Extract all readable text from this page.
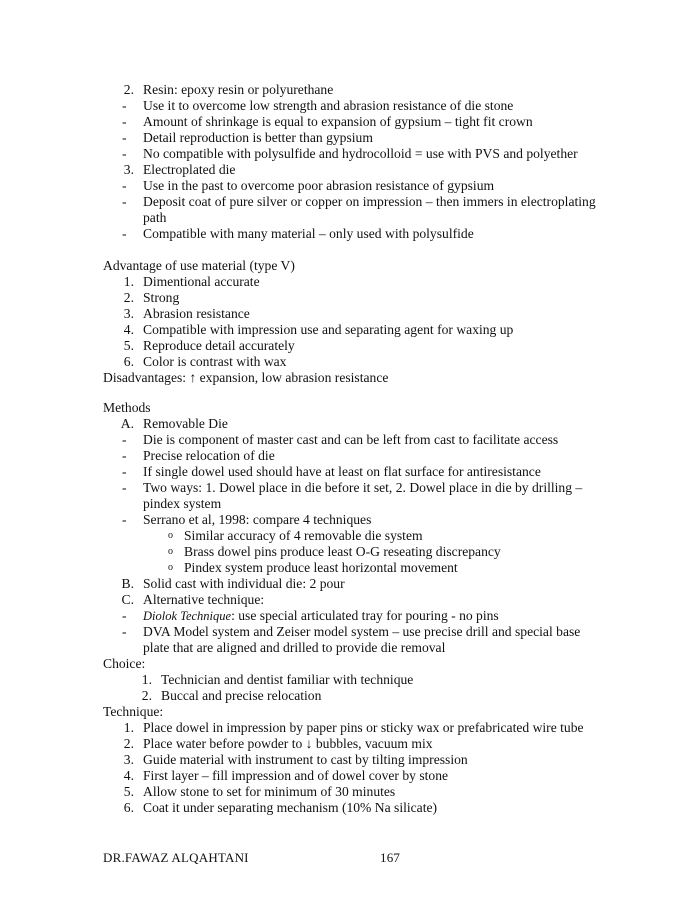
2. Resin: epoxy resin or polyurethane
- Use it to overcome low strength and abrasion resistance of die stone
- Amount of shrinkage is equal to expansion of gypsium – tight fit crown
- Detail reproduction is better than gypsium
- No compatible with polysulfide and hydrocolloid = use with PVS and polyether
3. Electroplated die
- Use in the past to overcome poor abrasion resistance of gypsium
- Deposit coat of pure silver or copper on impression – then immers in electroplating
path
- Compatible with many material – only used with polysulfide
Advantage of use material (type V)
1. Dimentional accurate
2. Strong
3. Abrasion resistance
4. Compatible with impression use and separating agent for waxing up
5. Reproduce detail accurately
6. Color is contrast with wax
Disadvantages: ↑ expansion, low abrasion resistance
Methods
A. Removable Die
- Die is component of master cast and can be left from cast to facilitate access
- Precise relocation of die
- If single dowel used should have at least on flat surface for antiresistance
- Two ways: 1. Dowel place in die before it set, 2. Dowel place in die by drilling –
pindex system
- Serrano et al, 1998: compare 4 techniques
o Similar accuracy of 4 removable die system
o Brass dowel pins produce least O-G reseating discrepancy
o Pindex system produce least horizontal movement
B. Solid cast with individual die: 2 pour
C. Alternative technique:
- Diolok Technique: use special articulated tray for pouring - no pins
- DVA Model system and Zeiser model system – use precise drill and special base
plate that are aligned and drilled to provide die removal
Choice:
1. Technician and dentist familiar with technique
2. Buccal and precise relocation
Technique:
1. Place dowel in impression by paper pins or sticky wax or prefabricated wire tube
2. Place water before powder to ↓ bubbles, vacuum mix
3. Guide material with instrument to cast by tilting impression
4. First layer – fill impression and of dowel cover by stone
5. Allow stone to set for minimum of 30 minutes
6. Coat it under separating mechanism (10% Na silicate)
DR.FAWAZ ALQAHTANI	167
